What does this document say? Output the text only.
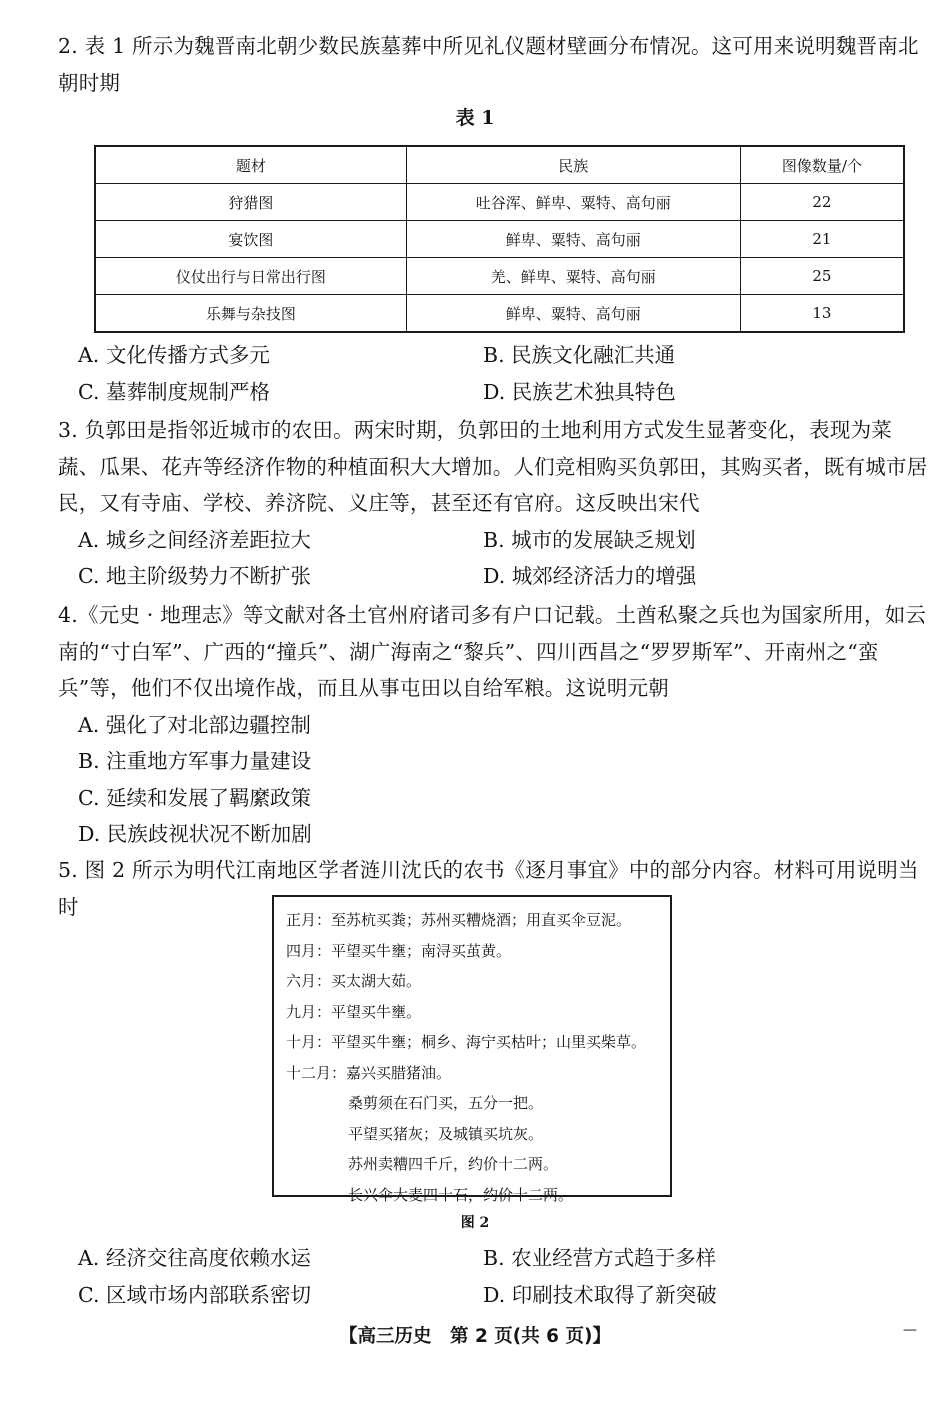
2. 表 1 所示为魏晋南北朝少数民族墓葬中所见礼仪题材壁画分布情况。这可用来说明魏晋南北朝时期

表 1
题材	民族	图像数量/个
狩猎图	吐谷浑、鲜卑、粟特、高句丽	22
宴饮图	鲜卑、粟特、高句丽	21
仪仗出行与日常出行图	羌、鲜卑、粟特、高句丽	25
乐舞与杂技图	鲜卑、粟特、高句丽	13
A. 文化传播方式多元	B. 民族文化融汇共通
C. 墓葬制度规制严格	D. 民族艺术独具特色

3. 负郭田是指邻近城市的农田。两宋时期，负郭田的土地利用方式发生显著变化，表现为菜蔬、瓜果、花卉等经济作物的种植面积大大增加。人们竞相购买负郭田，其购买者，既有城市居民，又有寺庙、学校、养济院、义庄等，甚至还有官府。这反映出宋代

A. 城乡之间经济差距拉大	B. 城市的发展缺乏规划
C. 地主阶级势力不断扩张	D. 城郊经济活力的增强

4.《元史 · 地理志》等文献对各土官州府诸司多有户口记载。土酋私聚之兵也为国家所用，如云南的“寸白军”、广西的“撞兵”、湖广海南之“黎兵”、四川西昌之“罗罗斯军”、开南州之“蛮兵”等，他们不仅出境作战，而且从事屯田以自给军粮。这说明元朝

A. 强化了对北部边疆控制
B. 注重地方军事力量建设
C. 延续和发展了羁縻政策
D. 民族歧视状况不断加剧

5. 图 2 所示为明代江南地区学者涟川沈氏的农书《逐月事宜》中的部分内容。材料可用说明当时

正月：至苏杭买粪；苏州买糟烧酒；用直买伞豆泥。
四月：平望买牛壅；南浔买茧黄。
六月：买太湖大茹。
九月：平望买牛壅。
十月：平望买牛壅；桐乡、海宁买枯叶；山里买柴草。
十二月：嘉兴买腊猪油。
桑剪须在石门买，五分一把。
平望买猪灰；及城镇买坑灰。
苏州卖糟四千斤，约价十二两。
长兴伞大麦四十石，约价十二两。
图 2
A. 经济交往高度依赖水运	B. 农业经营方式趋于多样
C. 区域市场内部联系密切	D. 印刷技术取得了新突破
【高三历史　第 2 页(共 6 页)】	—
